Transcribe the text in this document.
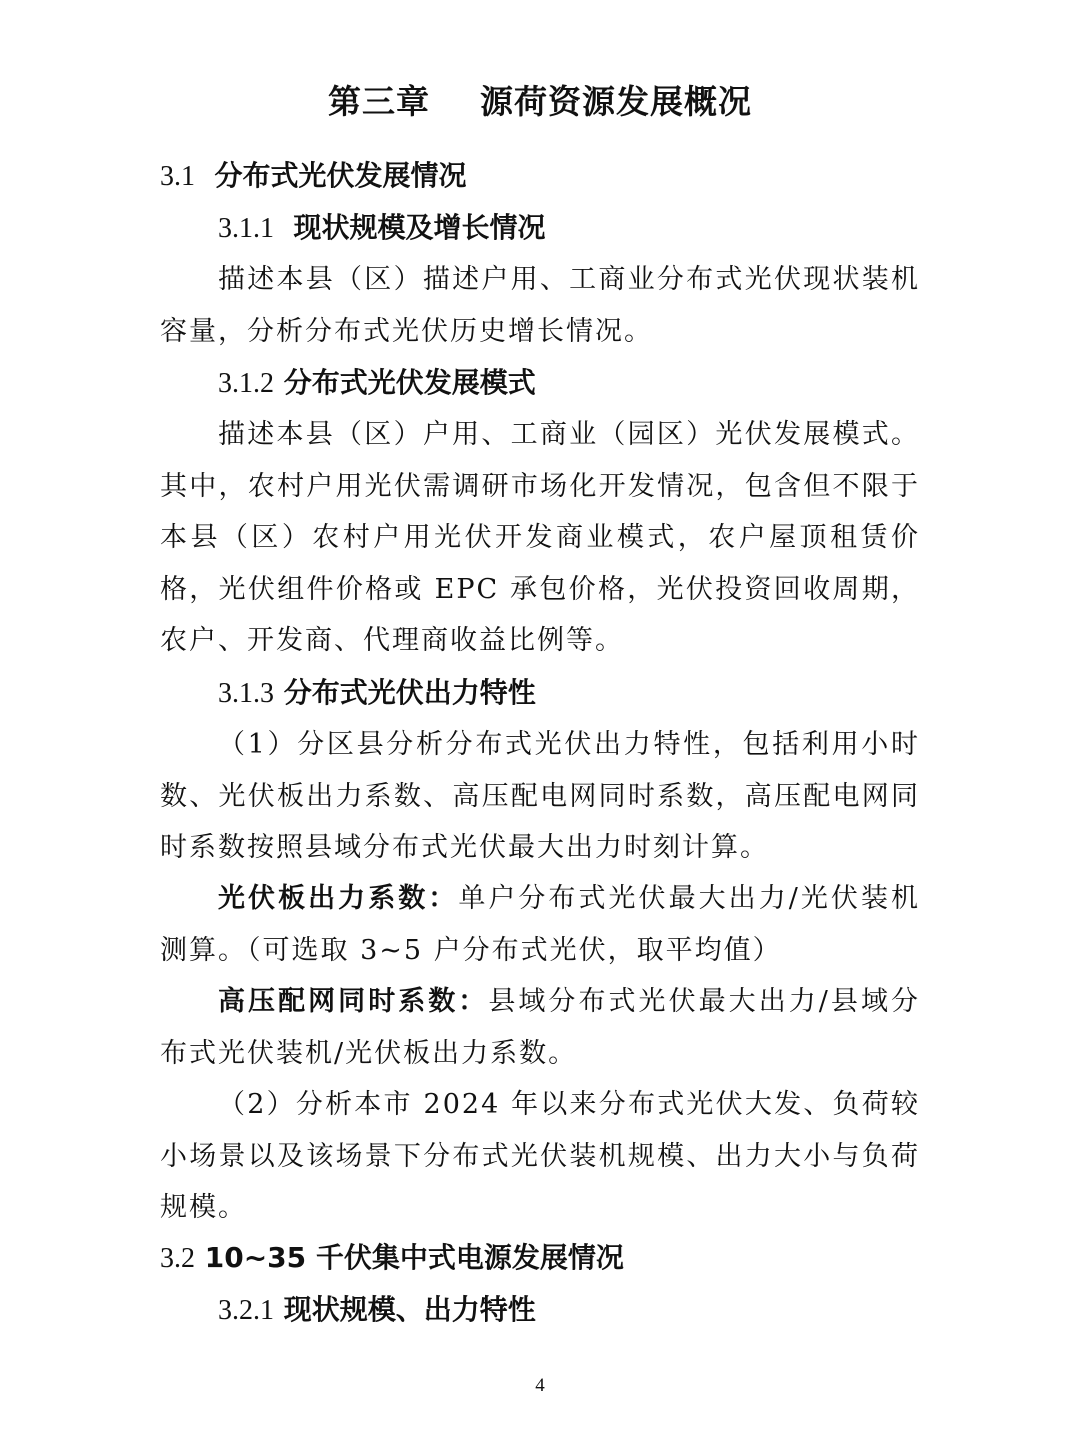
第三章    源荷资源发展概况
3.1 分布式光伏发展情况
3.1.1 现状规模及增长情况

描述本县（区）描述户用、工商业分布式光伏现状装机容量，分析分布式光伏历史增长情况。

3.1.2 分布式光伏发展模式

描述本县（区）户用、工商业（园区）光伏发展模式。其中，农村户用光伏需调研市场化开发情况，包含但不限于本县（区）农村户用光伏开发商业模式，农户屋顶租赁价格，光伏组件价格或 EPC 承包价格，光伏投资回收周期，农户、开发商、代理商收益比例等。

3.1.3 分布式光伏出力特性

（1）分区县分析分布式光伏出力特性，包括利用小时数、光伏板出力系数、高压配电网同时系数，高压配电网同时系数按照县域分布式光伏最大出力时刻计算。

光伏板出力系数：单户分布式光伏最大出力/光伏装机测算。（可选取 3~5 户分布式光伏，取平均值）

高压配网同时系数：县域分布式光伏最大出力/县域分布式光伏装机/光伏板出力系数。

（2）分析本市 2024 年以来分布式光伏大发、负荷较小场景以及该场景下分布式光伏装机规模、出力大小与负荷规模。

3.2 10~35 千伏集中式电源发展情况
3.2.1 现状规模、出力特性
4
